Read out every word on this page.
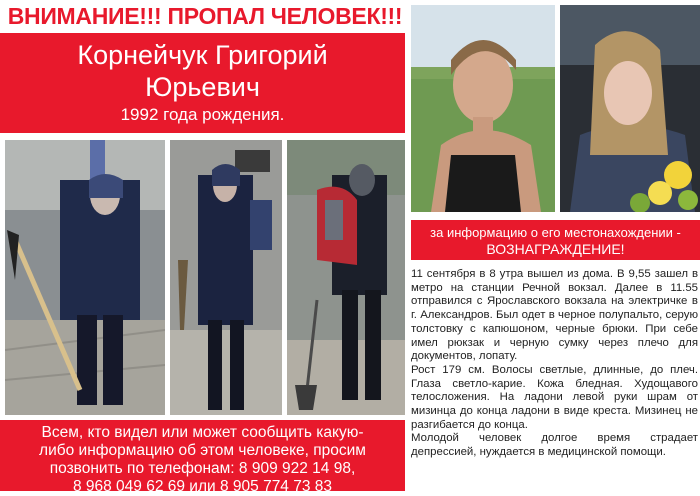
ВНИМАНИЕ!!! ПРОПАЛ ЧЕЛОВЕК!!!
Корнейчук Григорий
Юрьевич
1992 года рождения.
Всем, кто видел или может сообщить какую-
либо информацию об этом человеке, просим
позвонить по телефонам: 8 909 922 14 98,
8 968 049 62 69 или 8 905 774 73 83
за информацию о его местонахождении -
ВОЗНАГРАЖДЕНИЕ!

11 сентября в 8 утра вышел из дома. В 9,55 зашел в метро на станции Речной вокзал. Далее в 11.55 отправился с Ярославского вокзала на электричке в г. Александров. Был одет в черное полупальто, серую толстовку с капюшоном, черные брюки. При себе имел рюкзак и черную сумку через плечо для документов, лопату.

Рост 179 см. Волосы светлые, длинные, до плеч. Глаза светло-карие. Кожа бледная. Худощавого телосложения. На ладони левой руки шрам от мизинца до конца ладони в виде креста. Мизинец не разгибается до конца.

Молодой человек долгое время страдает депрессией, нуждается в медицинской помощи.
